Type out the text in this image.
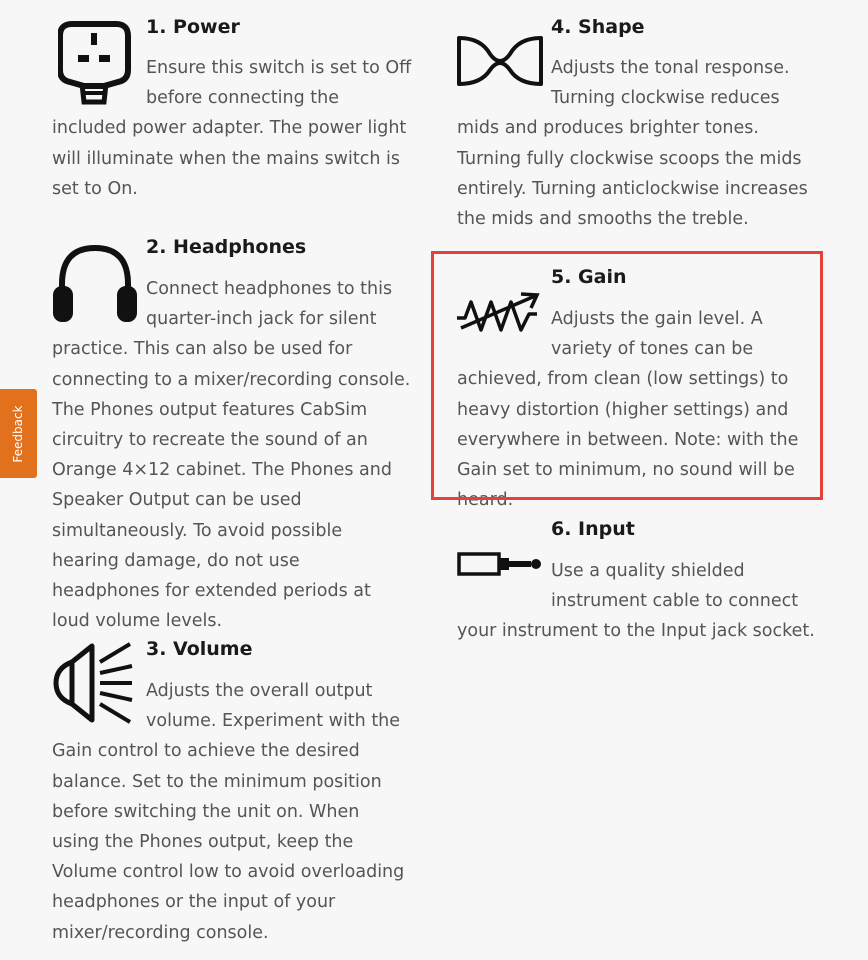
1. Power

Ensure this switch is set to Off before connecting the included power adapter. The power light will illuminate when the mains switch is set to On.

2. Headphones

Connect headphones to this quarter-inch jack for silent practice. This can also be used for connecting to a mixer/recording console. The Phones output features CabSim circuitry to recreate the sound of an Orange 4×12 cabinet. The Phones and Speaker Output can be used simultaneously. To avoid possible hearing damage, do not use headphones for extended periods at loud volume levels.

3. Volume

Adjusts the overall output volume. Experiment with the Gain control to achieve the desired balance. Set to the minimum position before switching the unit on. When using the Phones output, keep the Volume control low to avoid overloading headphones or the input of your mixer/recording console.

4. Shape

Adjusts the tonal response. Turning clockwise reduces mids and produces brighter tones. Turning fully clockwise scoops the mids entirely. Turning anticlockwise increases the mids and smooths the treble.

5. Gain

Adjusts the gain level. A variety of tones can be achieved, from clean (low settings) to heavy distortion (higher settings) and everywhere in between. Note: with the Gain set to minimum, no sound will be heard.

6. Input

Use a quality shielded instrument cable to connect your instrument to the Input jack socket.

Feedback
